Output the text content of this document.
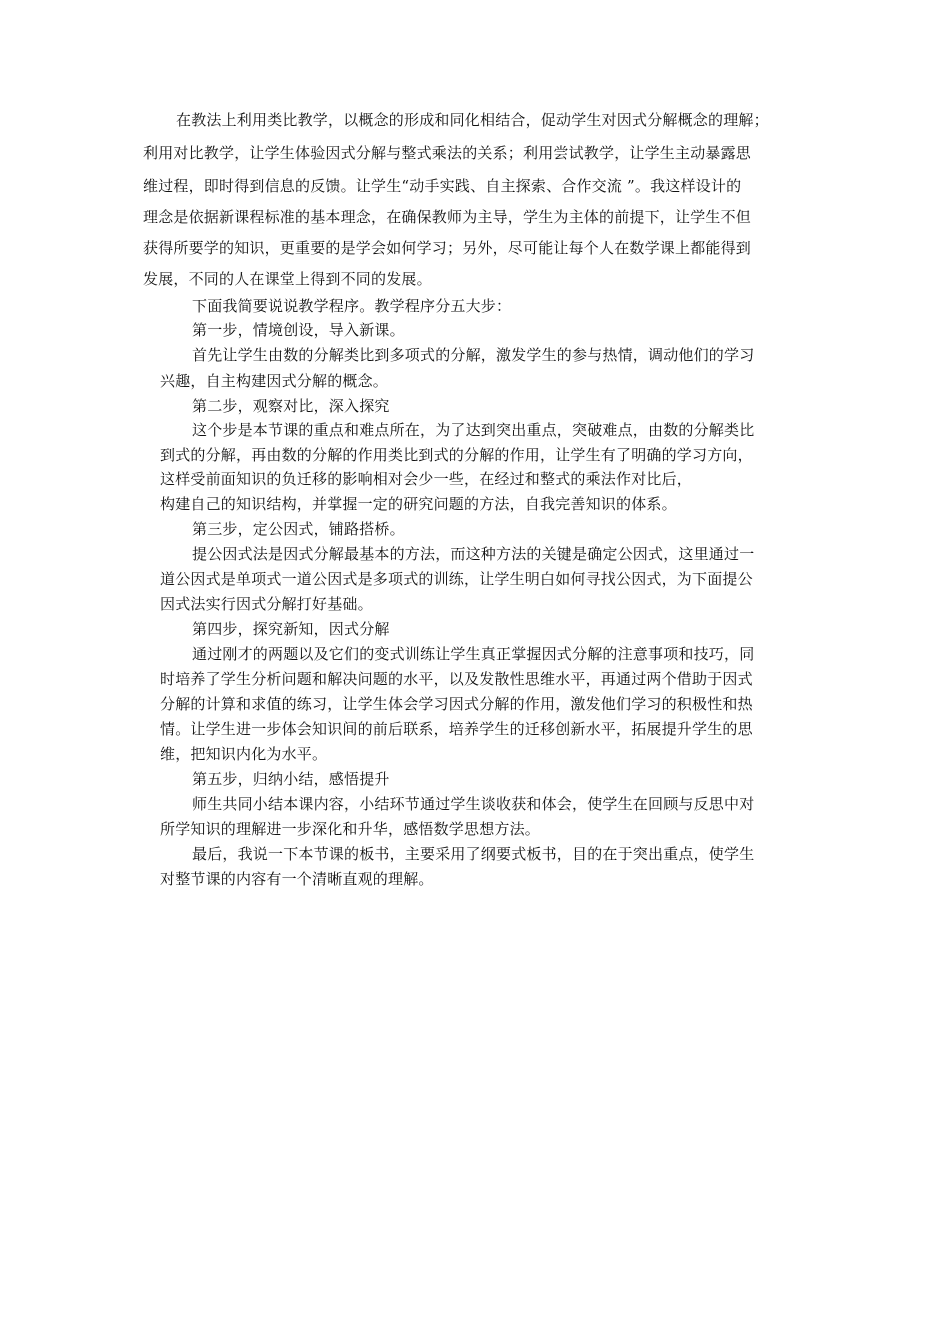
在教法上利用类比教学，以概念的形成和同化相结合，促动学生对因式分解概念的理解；
利用对比教学，让学生体验因式分解与整式乘法的关系；利用尝试教学，让学生主动暴露思
维过程，即时得到信息的反馈。让学生“动手实践、自主探索、合作交流 ”。我这样设计的
理念是依据新课程标准的基本理念，在确保教师为主导，学生为主体的前提下，让学生不但
获得所要学的知识，更重要的是学会如何学习；另外，尽可能让每个人在数学课上都能得到
发展，不同的人在课堂上得到不同的发展。
下面我简要说说教学程序。教学程序分五大步：
第一步，情境创设，导入新课。
首先让学生由数的分解类比到多项式的分解，激发学生的参与热情，调动他们的学习
兴趣，自主构建因式分解的概念。
第二步，观察对比，深入探究
这个步是本节课的重点和难点所在，为了达到突出重点，突破难点，由数的分解类比
到式的分解，再由数的分解的作用类比到式的分解的作用，让学生有了明确的学习方向，
这样受前面知识的负迁移的影响相对会少一些，在经过和整式的乘法作对比后，
构建自己的知识结构，并掌握一定的研究问题的方法，自我完善知识的体系。
第三步，定公因式，铺路搭桥。
提公因式法是因式分解最基本的方法，而这种方法的关键是确定公因式，这里通过一
道公因式是单项式一道公因式是多项式的训练，让学生明白如何寻找公因式，为下面提公
因式法实行因式分解打好基础。
第四步，探究新知，因式分解
通过刚才的两题以及它们的变式训练让学生真正掌握因式分解的注意事项和技巧，同
时培养了学生分析问题和解决问题的水平，以及发散性思维水平，再通过两个借助于因式
分解的计算和求值的练习，让学生体会学习因式分解的作用，激发他们学习的积极性和热
情。让学生进一步体会知识间的前后联系，培养学生的迁移创新水平，拓展提升学生的思
维，把知识内化为水平。
第五步，归纳小结，感悟提升
师生共同小结本课内容，小结环节通过学生谈收获和体会，使学生在回顾与反思中对
所学知识的理解进一步深化和升华，感悟数学思想方法。
最后，我说一下本节课的板书，主要采用了纲要式板书，目的在于突出重点，使学生
对整节课的内容有一个清晰直观的理解。
